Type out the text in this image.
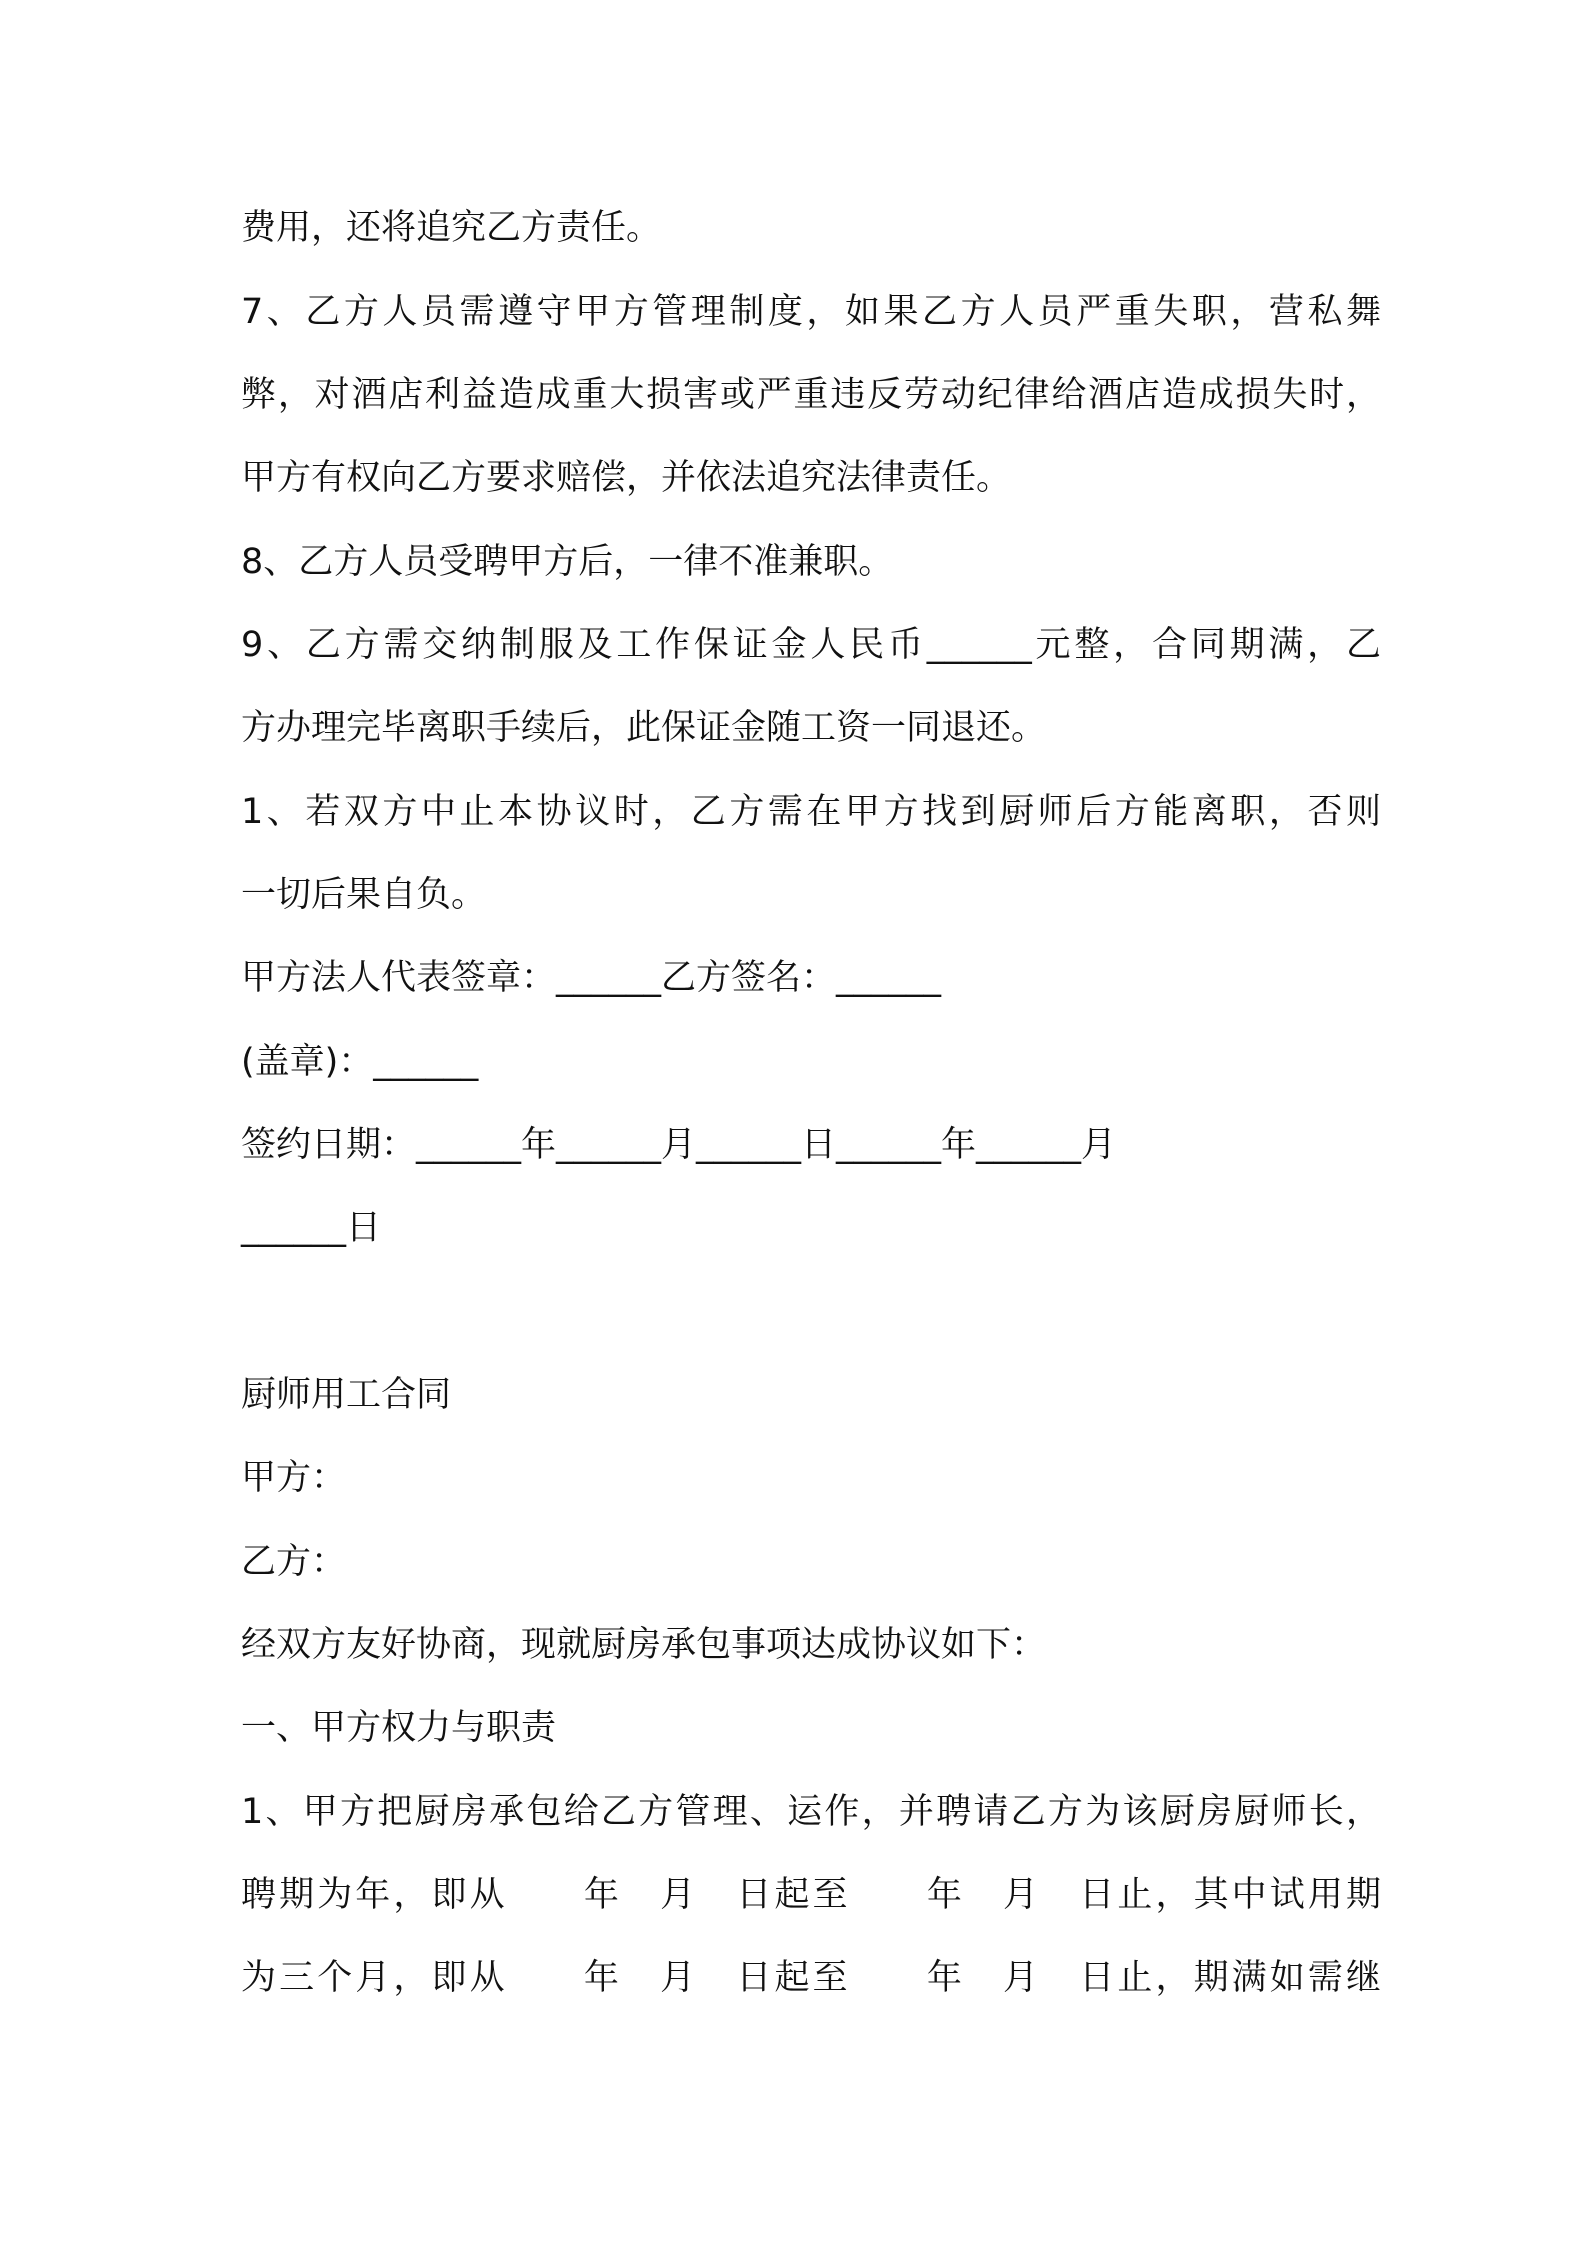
费用，还将追究乙方责任。

7、乙方人员需遵守甲方管理制度，如果乙方人员严重失职，营私舞

弊，对酒店利益造成重大损害或严重违反劳动纪律给酒店造成损失时，

甲方有权向乙方要求赔偿，并依法追究法律责任。

8、乙方人员受聘甲方后，一律不准兼职。

9、乙方需交纳制服及工作保证金人民币______元整，合同期满，乙

方办理完毕离职手续后，此保证金随工资一同退还。

1、若双方中止本协议时，乙方需在甲方找到厨师后方能离职，否则

一切后果自负。

甲方法人代表签章：______乙方签名：______

(盖章)：______

签约日期：______年______月______日______年______月

______日

厨师用工合同

甲方：

乙方：

经双方友好协商，现就厨房承包事项达成协议如下：

一、甲方权力与职责

1、甲方把厨房承包给乙方管理、运作，并聘请乙方为该厨房厨师长，

聘期为年，即从　　年　月　日起至　　年　月　日止，其中试用期

为三个月，即从　　年　月　日起至　　年　月　日止，期满如需继
